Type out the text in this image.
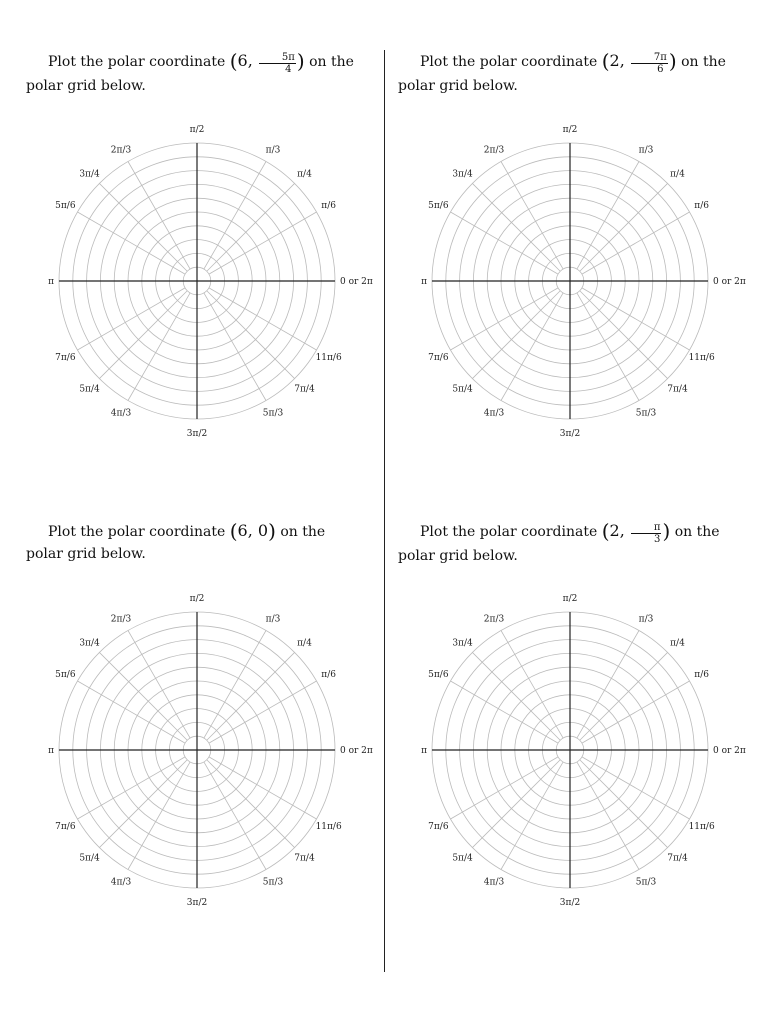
Plot the polar coordinate (6, $\frac{5\pi}{4}$ ) on the polar grid below.

Plot the polar coordinate (2, $\frac{7\pi}{6}$ ) on the polar grid below.

Plot the polar coordinate (6, 0) on the polar grid below.

Plot the polar coordinate (2, $\frac{\pi}{3}$ ) on the polar grid below.

0 or 2π
π/6
π/4
π/3
π/2
2π/3
3π/4
5π/6
π
7π/6
5π/4
4π/3
3π/2
5π/3
7π/4
11π/6
0 or 2π
π/6
π/4
π/3
π/2
2π/3
3π/4
5π/6
π
7π/6
5π/4
4π/3
3π/2
5π/3
7π/4
11π/6
0 or 2π
π/6
π/4
π/3
π/2
2π/3
3π/4
5π/6
π
7π/6
5π/4
4π/3
3π/2
5π/3
7π/4
11π/6
0 or 2π
π/6
π/4
π/3
π/2
2π/3
3π/4
5π/6
π
7π/6
5π/4
4π/3
3π/2
5π/3
7π/4
11π/6
